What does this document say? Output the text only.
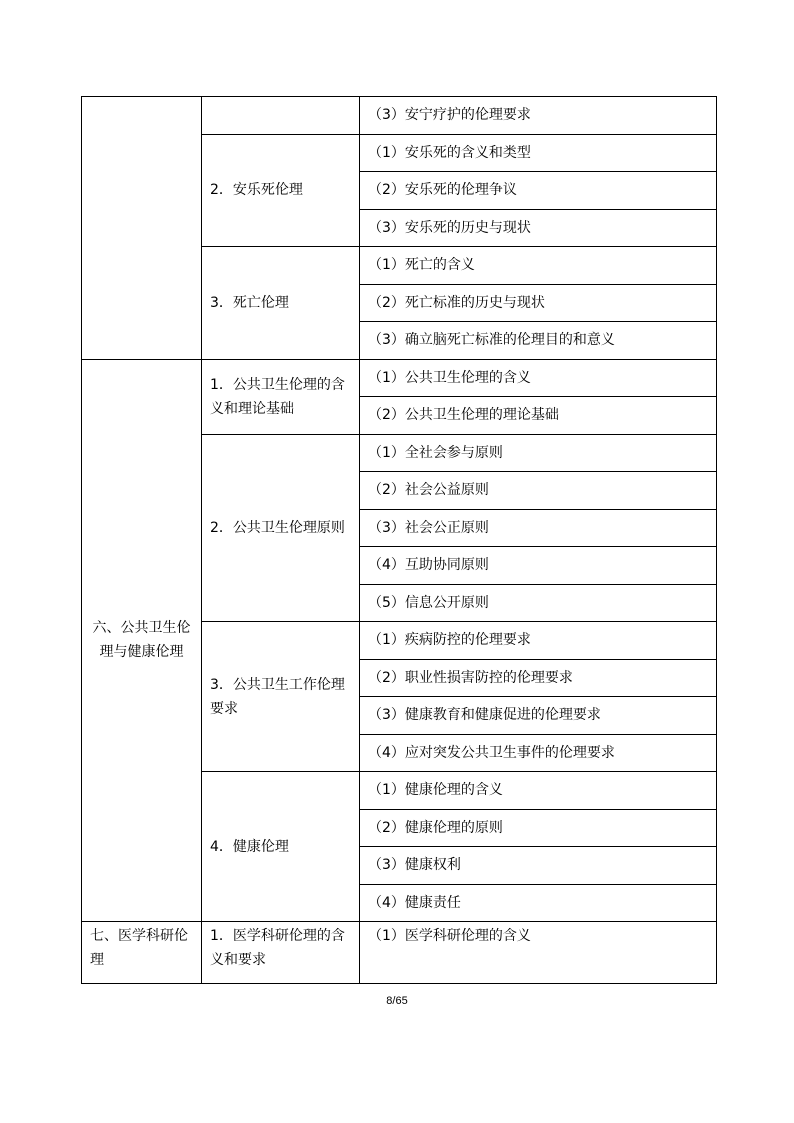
		（3）安宁疗护的伦理要求
	2．安乐死伦理	（1）安乐死的含义和类型
		（2）安乐死的伦理争议
		（3）安乐死的历史与现状
	3．死亡伦理	（1）死亡的含义
		（2）死亡标准的历史与现状
		（3）确立脑死亡标准的伦理目的和意义
六、公共卫生伦理与健康伦理	1．公共卫生伦理的含义和理论基础	（1）公共卫生伦理的含义
		（2）公共卫生伦理的理论基础
	2．公共卫生伦理原则	（1）全社会参与原则
		（2）社会公益原则
		（3）社会公正原则
		（4）互助协同原则
		（5）信息公开原则
	3．公共卫生工作伦理要求	（1）疾病防控的伦理要求
		（2）职业性损害防控的伦理要求
		（3）健康教育和健康促进的伦理要求
		（4）应对突发公共卫生事件的伦理要求
	4．健康伦理	（1）健康伦理的含义
		（2）健康伦理的原则
		（3）健康权利
		（4）健康责任
七、医学科研伦理	1．医学科研伦理的含义和要求	（1）医学科研伦理的含义
8/65
